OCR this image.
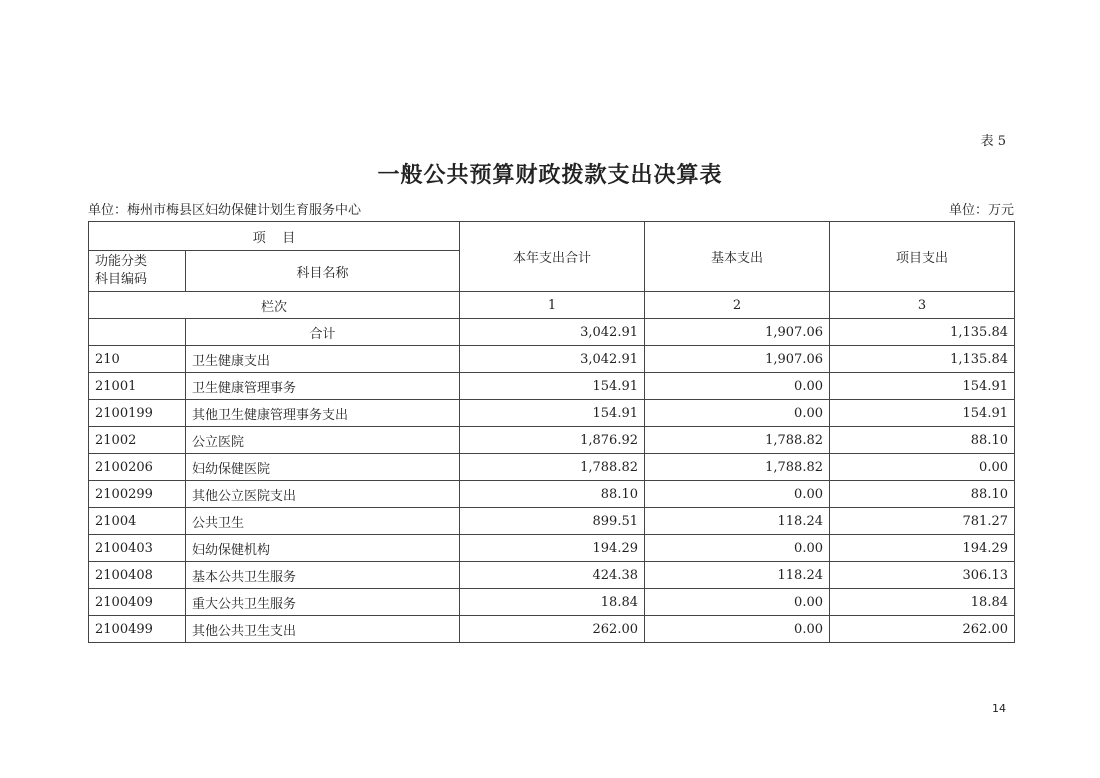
表 5
一般公共预算财政拨款支出决算表
单位：梅州市梅县区妇幼保健计划生育服务中心	单位：万元
项    目		本年支出合计	基本支出	项目支出

功能分类
科目编码	科目名称			
栏次		1	2	3
	合计	3,042.91	1,907.06	1,135.84
210	卫生健康支出	3,042.91	1,907.06	1,135.84
21001	卫生健康管理事务	154.91	0.00	154.91
2100199	其他卫生健康管理事务支出	154.91	0.00	154.91
21002	公立医院	1,876.92	1,788.82	88.10
2100206	妇幼保健医院	1,788.82	1,788.82	0.00
2100299	其他公立医院支出	88.10	0.00	88.10
21004	公共卫生	899.51	118.24	781.27
2100403	妇幼保健机构	194.29	0.00	194.29
2100408	基本公共卫生服务	424.38	118.24	306.13
2100409	重大公共卫生服务	18.84	0.00	18.84
2100499	其他公共卫生支出	262.00	0.00	262.00
14
